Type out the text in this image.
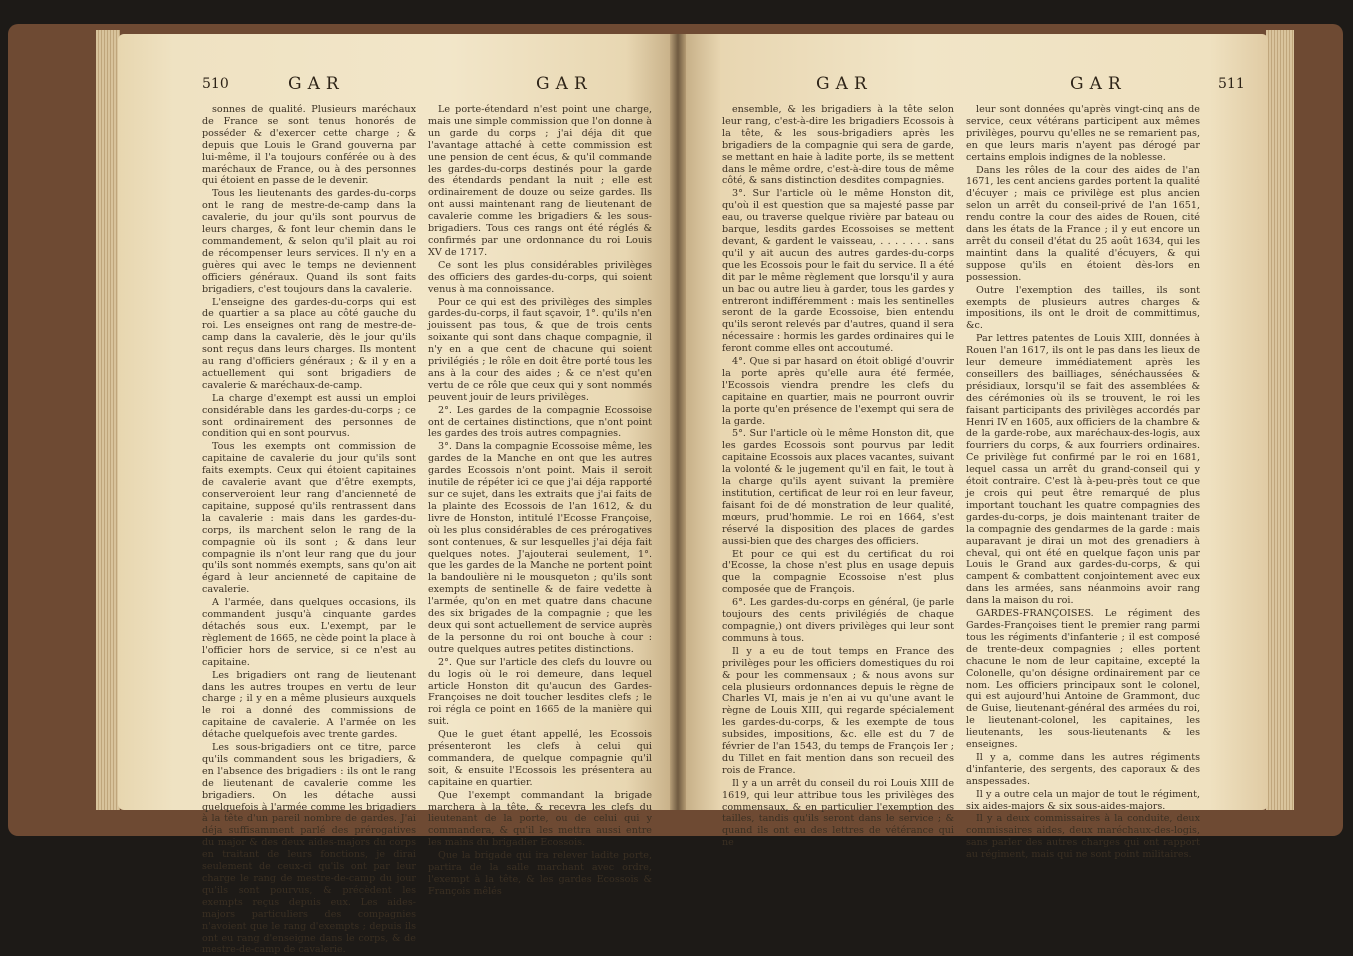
510	GAR	GAR

sonnes de qualité. Plusieurs maréchaux de France se sont tenus honorés de posséder & d'exercer cette charge ; & depuis que Louis le Grand gouverna par lui-même, il l'a toujours conférée ou à des maréchaux de France, ou à des personnes qui étoient en passe de le devenir.

Tous les lieutenants des gardes-du-corps ont le rang de mestre-de-camp dans la cavalerie, du jour qu'ils sont pourvus de leurs charges, & font leur chemin dans le commandement, & selon qu'il plait au roi de récompenser leurs services. Il n'y en a guères qui avec le temps ne deviennent officiers généraux. Quand ils sont faits brigadiers, c'est toujours dans la cavalerie.

L'enseigne des gardes-du-corps qui est de quartier a sa place au côté gauche du roi. Les enseignes ont rang de mestre-de-camp dans la cavalerie, dès le jour qu'ils sont reçus dans leurs charges. Ils montent au rang d'officiers généraux ; & il y en a actuellement qui sont brigadiers de cavalerie & maréchaux-de-camp.

La charge d'exempt est aussi un emploi considérable dans les gardes-du-corps ; ce sont ordinairement des personnes de condition qui en sont pourvus.

Tous les exempts ont commission de capitaine de cavalerie du jour qu'ils sont faits exempts. Ceux qui étoient capitaines de cavalerie avant que d'être exempts, conserveroient leur rang d'ancienneté de capitaine, supposé qu'ils rentrassent dans la cavalerie : mais dans les gardes-du-corps, ils marchent selon le rang de la compagnie où ils sont ; & dans leur compagnie ils n'ont leur rang que du jour qu'ils sont nommés exempts, sans qu'on ait égard à leur ancienneté de capitaine de cavalerie.

A l'armée, dans quelques occasions, ils commandent jusqu'à cinquante gardes détachés sous eux. L'exempt, par le règlement de 1665, ne cède point la place à l'officier hors de service, si ce n'est au capitaine.

Les brigadiers ont rang de lieutenant dans les autres troupes en vertu de leur charge ; il y en a même plusieurs auxquels le roi a donné des commissions de capitaine de cavalerie. A l'armée on les détache quelquefois avec trente gardes.

Les sous-brigadiers ont ce titre, parce qu'ils commandent sous les brigadiers, & en l'absence des brigadiers : ils ont le rang de lieutenant de cavalerie comme les brigadiers. On les détache aussi quelquefois à l'armée comme les brigadiers à la tête d'un pareil nombre de gardes. J'ai déja suffisamment parlé des prérogatives du major & des deux aides-majors du corps en traitant de leurs fonctions, je dirai seulement de ceux-ci qu'ils ont par leur charge le rang de mestre-de-camp du jour qu'ils sont pourvus, & précèdent les exempts reçus depuis eux. Les aides-majors particuliers des compagnies n'avoient que le rang d'exempts ; depuis ils ont eu rang d'enseigne dans le corps, & de mestre-de-camp de cavalerie.

Le porte-étendard n'est point une charge, mais une simple commission que l'on donne à un garde du corps ; j'ai déja dit que l'avantage attaché à cette commission est une pension de cent écus, & qu'il commande les gardes-du-corps destinés pour la garde des étendards pendant la nuit ; elle est ordinairement de douze ou seize gardes. Ils ont aussi maintenant rang de lieutenant de cavalerie comme les brigadiers & les sous-brigadiers. Tous ces rangs ont été réglés & confirmés par une ordonnance du roi Louis XV de 1717.

Ce sont les plus considérables privilèges des officiers des gardes-du-corps, qui soient venus à ma connoissance.

Pour ce qui est des privilèges des simples gardes-du-corps, il faut sçavoir, 1°. qu'ils n'en jouissent pas tous, & que de trois cents soixante qui sont dans chaque compagnie, il n'y en a que cent de chacune qui soient privilégiés ; le rôle en doit être porté tous les ans à la cour des aides ; & ce n'est qu'en vertu de ce rôle que ceux qui y sont nommés peuvent jouir de leurs privilèges.

2°. Les gardes de la compagnie Ecossoise ont de certaines distinctions, que n'ont point les gardes des trois autres compagnies.

3°. Dans la compagnie Ecossoise même, les gardes de la Manche en ont que les autres gardes Ecossois n'ont point. Mais il seroit inutile de répéter ici ce que j'ai déja rapporté sur ce sujet, dans les extraits que j'ai faits de la plainte des Ecossois de l'an 1612, & du livre de Honston, intitulé l'Ecosse Françoise, où les plus considérables de ces prérogatives sont contenues, & sur lesquelles j'ai déja fait quelques notes. J'ajouterai seulement, 1°. que les gardes de la Manche ne portent point la bandoulière ni le mousqueton ; qu'ils sont exempts de sentinelle & de faire vedette à l'armée, qu'on en met quatre dans chacune des six brigades de la compagnie ; que les deux qui sont actuellement de service auprès de la personne du roi ont bouche à cour : outre quelques autres petites distinctions.

2°. Que sur l'article des clefs du louvre ou du logis où le roi demeure, dans lequel article Honston dit qu'aucun des Gardes-Françoises ne doit toucher lesdites clefs ; le roi régla ce point en 1665 de la manière qui suit.

Que le guet étant appellé, les Ecossois présenteront les clefs à celui qui commandera, de quelque compagnie qu'il soit, & ensuite l'Ecossois les présentera au capitaine en quartier.

Que l'exempt commandant la brigade marchera à la tête, & recevra les clefs du lieutenant de la porte, ou de celui qui y commandera, & qu'il les mettra aussi entre les mains du brigadier Ecossois.

Que la brigade qui ira relever ladite porte, partira de la salle marchant avec ordre, l'exempt à la tête, & les gardes Ecossois & François mêlés

GAR	GAR	511

ensemble, & les brigadiers à la tête selon leur rang, c'est-à-dire les brigadiers Ecossois à la tête, & les sous-brigadiers après les brigadiers de la compagnie qui sera de garde, se mettant en haie à ladite porte, ils se mettent dans le même ordre, c'est-à-dire tous de même côté, & sans distinction desdites compagnies.

3°. Sur l'article où le même Honston dit, qu'où il est question que sa majesté passe par eau, ou traverse quelque rivière par bateau ou barque, lesdits gardes Ecossoises se mettent devant, & gardent le vaisseau, . . . . . . . sans qu'il y ait aucun des autres gardes-du-corps que les Ecossois pour le fait du service. Il a été dit par le même règlement que lorsqu'il y aura un bac ou autre lieu à garder, tous les gardes y entreront indifféremment : mais les sentinelles seront de la garde Ecossoise, bien entendu qu'ils seront relevés par d'autres, quand il sera nécessaire : hormis les gardes ordinaires qui le feront comme elles ont accoutumé.

4°. Que si par hasard on étoit obligé d'ouvrir la porte après qu'elle aura été fermée, l'Ecossois viendra prendre les clefs du capitaine en quartier, mais ne pourront ouvrir la porte qu'en présence de l'exempt qui sera de la garde.

5°. Sur l'article où le même Honston dit, que les gardes Ecossois sont pourvus par ledit capitaine Ecossois aux places vacantes, suivant la volonté & le jugement qu'il en fait, le tout à la charge qu'ils ayent suivant la première institution, certificat de leur roi en leur faveur, faisant foi de dé monstration de leur qualité, mœurs, prud'hommie. Le roi en 1664, s'est réservé la disposition des places de gardes aussi-bien que des charges des officiers.

Et pour ce qui est du certificat du roi d'Ecosse, la chose n'est plus en usage depuis que la compagnie Ecossoise n'est plus composée que de François.

6°. Les gardes-du-corps en général, (je parle toujours des cents privilégiés de chaque compagnie,) ont divers privilèges qui leur sont communs à tous.

Il y a eu de tout temps en France des privilèges pour les officiers domestiques du roi & pour les commensaux ; & nous avons sur cela plusieurs ordonnances depuis le règne de Charles VI, mais je n'en ai vu qu'une avant le règne de Louis XIII, qui regarde spécialement les gardes-du-corps, & les exempte de tous subsides, impositions, &c. elle est du 7 de février de l'an 1543, du temps de François Ier ; du Tillet en fait mention dans son recueil des rois de France.

Il y a un arrêt du conseil du roi Louis XIII de 1619, qui leur attribue tous les privilèges des commensaux, & en particulier l'exemption des tailles, tandis qu'ils seront dans le service ; & quand ils ont eu des lettres de vétérance qui ne

leur sont données qu'après vingt-cinq ans de service, ceux vétérans participent aux mêmes privilèges, pourvu qu'elles ne se remarient pas, en que leurs maris n'ayent pas dérogé par certains emplois indignes de la noblesse.

Dans les rôles de la cour des aides de l'an 1671, les cent anciens gardes portent la qualité d'écuyer ; mais ce privilège est plus ancien selon un arrêt du conseil-privé de l'an 1651, rendu contre la cour des aides de Rouen, cité dans les états de la France ; il y eut encore un arrêt du conseil d'état du 25 août 1634, qui les maintint dans la qualité d'écuyers, & qui suppose qu'ils en étoient dès-lors en possession.

Outre l'exemption des tailles, ils sont exempts de plusieurs autres charges & impositions, ils ont le droit de committimus, &c.

Par lettres patentes de Louis XIII, données à Rouen l'an 1617, ils ont le pas dans les lieux de leur demeure immédiatement après les conseillers des bailliages, sénéchaussées & présidiaux, lorsqu'il se fait des assemblées & des cérémonies où ils se trouvent, le roi les faisant participants des privilèges accordés par Henri IV en 1605, aux officiers de la chambre & de la garde-robe, aux maréchaux-des-logis, aux fourriers du corps, & aux fourriers ordinaires. Ce privilège fut confirmé par le roi en 1681, lequel cassa un arrêt du grand-conseil qui y étoit contraire. C'est là à-peu-près tout ce que je crois qui peut être remarqué de plus important touchant les quatre compagnies des gardes-du-corps, je dois maintenant traiter de la compagnie des gendarmes de la garde : mais auparavant je dirai un mot des grenadiers à cheval, qui ont été en quelque façon unis par Louis le Grand aux gardes-du-corps, & qui campent & combattent conjointement avec eux dans les armées, sans néanmoins avoir rang dans la maison du roi.

GARDES-FRANÇOISES. Le régiment des Gardes-Françoises tient le premier rang parmi tous les régiments d'infanterie ; il est composé de trente-deux compagnies ; elles portent chacune le nom de leur capitaine, excepté la Colonelle, qu'on désigne ordinairement par ce nom. Les officiers principaux sont le colonel, qui est aujourd'hui Antoine de Grammont, duc de Guise, lieutenant-général des armées du roi, le lieutenant-colonel, les capitaines, les lieutenants, les sous-lieutenants & les enseignes.

Il y a, comme dans les autres régiments d'infanterie, des sergents, des caporaux & des anspessades.

Il y a outre cela un major de tout le régiment, six aides-majors & six sous-aides-majors.

Il y a deux commissaires à la conduite, deux commissaires aides, deux maréchaux-des-logis, sans parler des autres charges qui ont rapport au régiment, mais qui ne sont point militaires.
